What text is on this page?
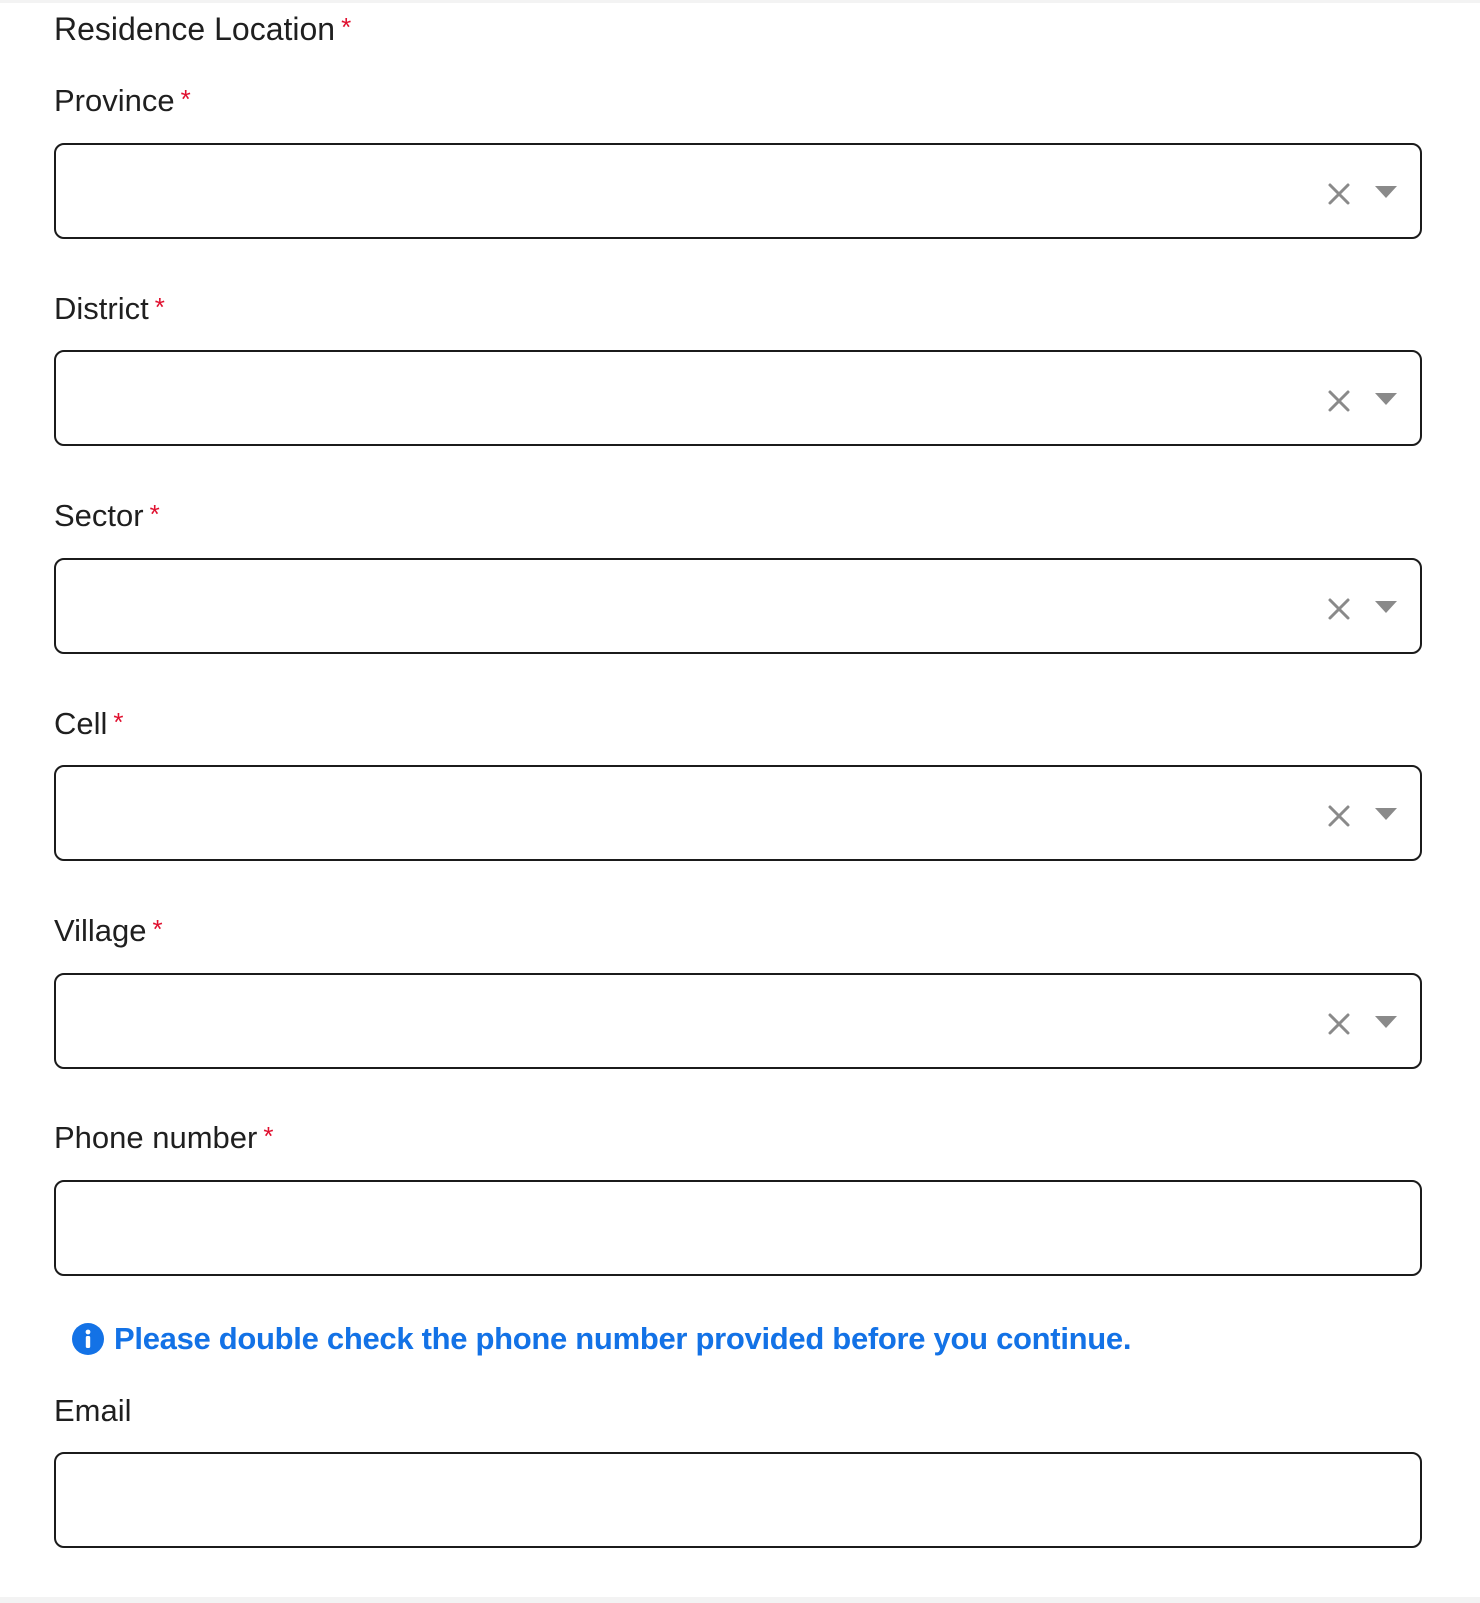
Residence Location *
Province *
District *
Sector *
Cell *
Village *
Phone number *
Please double check the phone number provided before you continue.
Email
